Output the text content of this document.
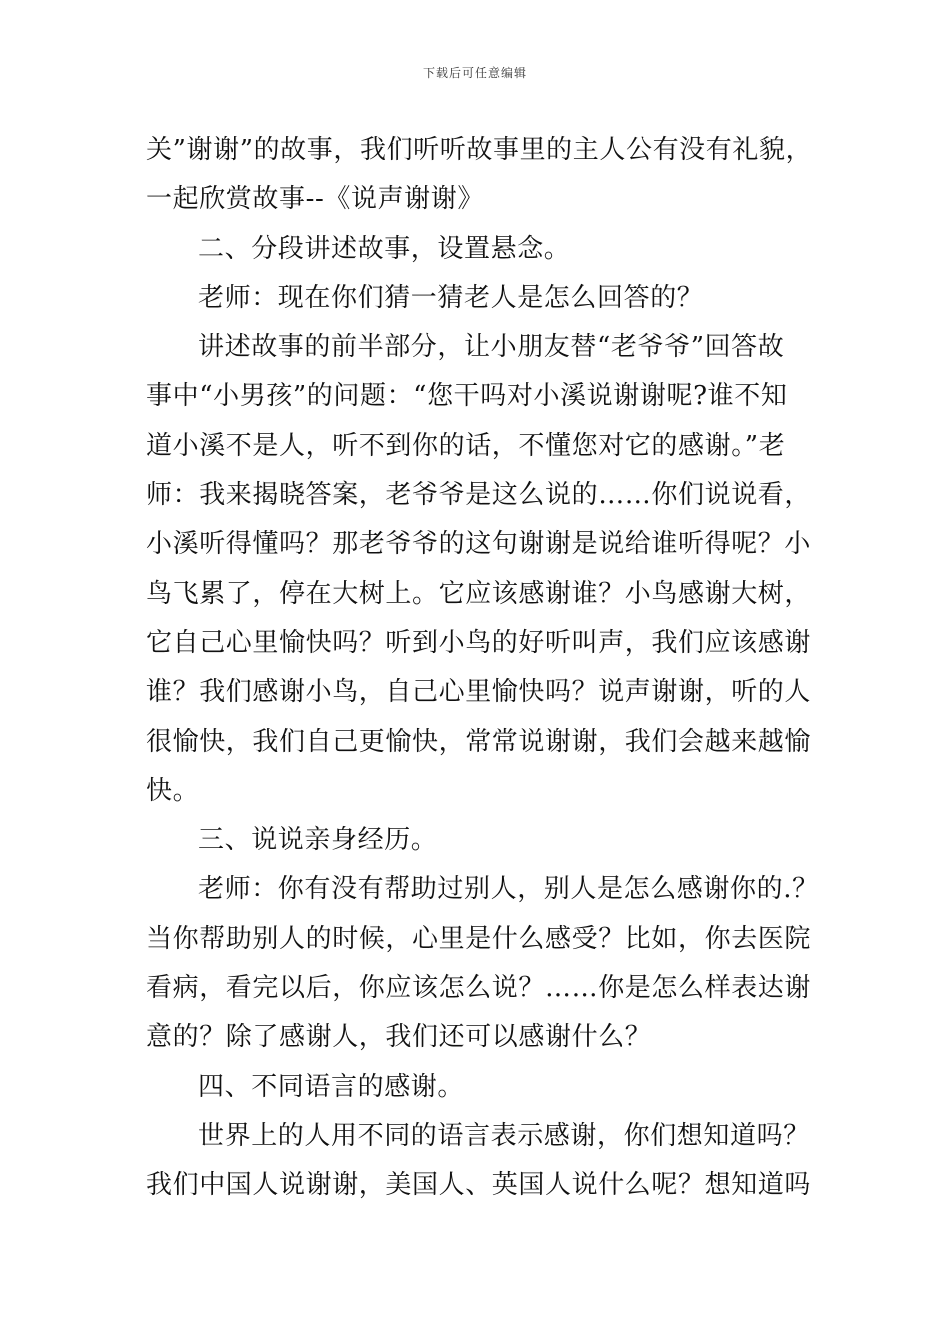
下载后可任意编辑
关”谢谢”的故事，我们听听故事里的主人公有没有礼貌，
一起欣赏故事--《说声谢谢》
二、分段讲述故事，设置悬念。
老师：现在你们猜一猜老人是怎么回答的？
讲述故事的前半部分，让小朋友替“老爷爷”回答故
事中“小男孩”的问题：“您干吗对小溪说谢谢呢?谁不知
道小溪不是人，听不到你的话，不懂您对它的感谢。”老
师：我来揭晓答案，老爷爷是这么说的……你们说说看，
小溪听得懂吗？那老爷爷的这句谢谢是说给谁听得呢？小
鸟飞累了，停在大树上。它应该感谢谁？小鸟感谢大树，
它自己心里愉快吗？听到小鸟的好听叫声，我们应该感谢
谁？我们感谢小鸟，自己心里愉快吗？说声谢谢，听的人
很愉快，我们自己更愉快，常常说谢谢，我们会越来越愉
快。
三、说说亲身经历。
老师：你有没有帮助过别人，别人是怎么感谢你的.？
当你帮助别人的时候，心里是什么感受？比如，你去医院
看病，看完以后，你应该怎么说？……你是怎么样表达谢
意的？除了感谢人，我们还可以感谢什么？
四、不同语言的感谢。
世界上的人用不同的语言表示感谢，你们想知道吗？
我们中国人说谢谢，美国人、英国人说什么呢？想知道吗
